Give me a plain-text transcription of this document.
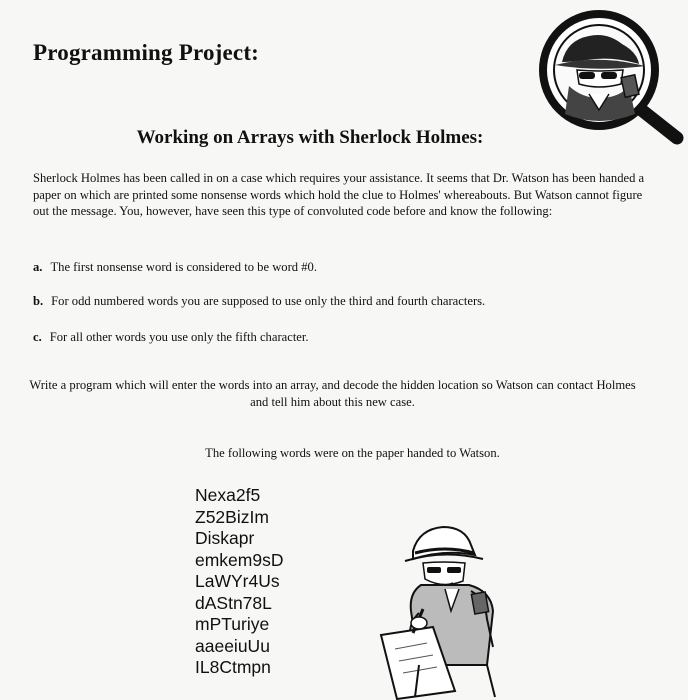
Programming Project:
Working on Arrays with Sherlock Holmes:

Sherlock Holmes has been called in on a case which requires your assistance. It seems that Dr. Watson has been handed a paper on which are printed some nonsense words which hold the clue to Holmes' whereabouts. But Watson cannot figure out the message. You, however, have seen this type of convoluted code before and know the following:

a. The first nonsense word is considered to be word #0.
b. For odd numbered words you are supposed to use only the third and fourth characters.
c. For all other words you use only the fifth character.

Write a program which will enter the words into an array, and decode the hidden location so Watson can contact Holmes and tell him about this new case.

The following words were on the paper handed to Watson.
Nexa2f5
Z52BizIm
Diskapr
emkem9sD
LaWYr4Us
dAStn78L
mPTuriye
aaeeiuUu
IL8Ctmpn
